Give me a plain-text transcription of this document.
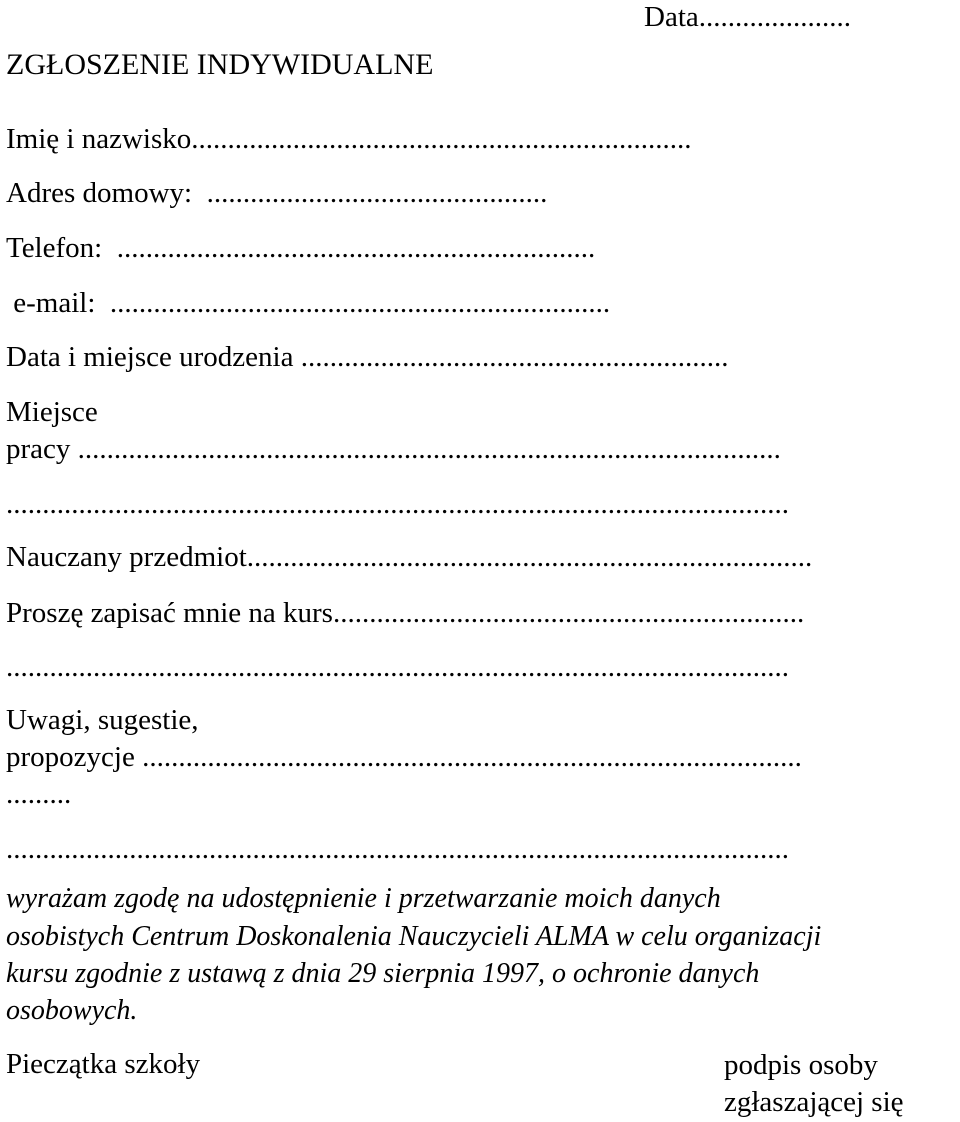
Data.....................
ZGŁOSZENIE INDYWIDUALNE
Imię i nazwisko.....................................................................
Adres domowy:  ...............................................
Telefon:  ..................................................................
e-mail:  .....................................................................
Data i miejsce urodzenia ...........................................................
Miejsce
pracy .................................................................................................
............................................................................................................
Nauczany przedmiot..............................................................................
Proszę zapisać mnie na kurs.................................................................
............................................................................................................
Uwagi, sugestie,
propozycje ...........................................................................................
.........
............................................................................................................
wyrażam zgodę na udostępnienie i przetwarzanie moich danych
osobistych Centrum Doskonalenia Nauczycieli ALMA w celu organizacji
kursu zgodnie z ustawą z dnia 29 sierpnia 1997, o ochronie danych
osobowych.
Pieczątka szkoły	podpis osoby
zgłaszającej się
